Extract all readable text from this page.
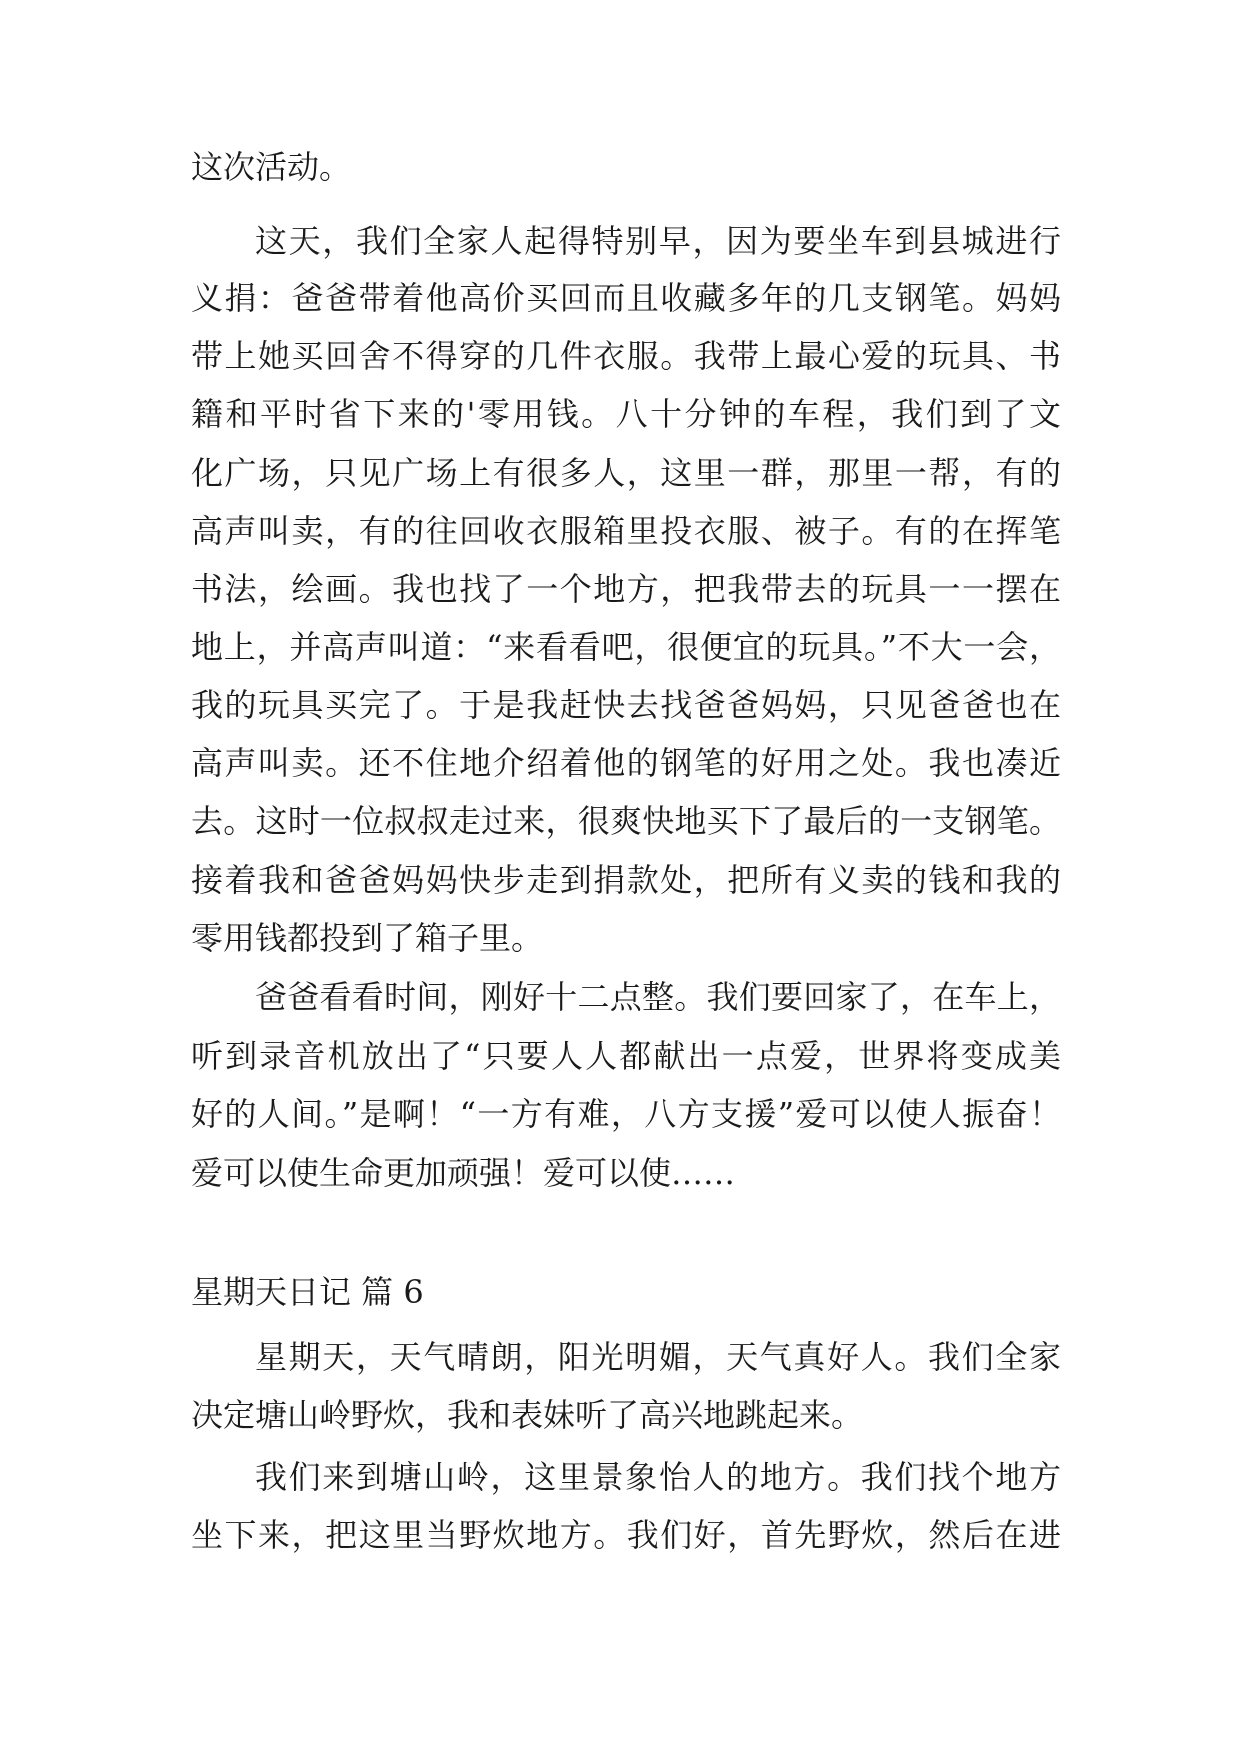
这次活动。
这天，我们全家人起得特别早，因为要坐车到县城进行
义捐：爸爸带着他高价买回而且收藏多年的几支钢笔。妈妈
带上她买回舍不得穿的几件衣服。我带上最心爱的玩具、书
籍和平时省下来的'零用钱。八十分钟的车程，我们到了文
化广场，只见广场上有很多人，这里一群，那里一帮，有的
高声叫卖，有的往回收衣服箱里投衣服、被子。有的在挥笔
书法，绘画。我也找了一个地方，把我带去的玩具一一摆在
地上，并高声叫道：“来看看吧，很便宜的玩具。”不大一会，
我的玩具买完了。于是我赶快去找爸爸妈妈，只见爸爸也在
高声叫卖。还不住地介绍着他的钢笔的好用之处。我也凑近
去。这时一位叔叔走过来，很爽快地买下了最后的一支钢笔。
接着我和爸爸妈妈快步走到捐款处，把所有义卖的钱和我的
零用钱都投到了箱子里。
爸爸看看时间，刚好十二点整。我们要回家了，在车上，
听到录音机放出了“只要人人都献出一点爱，世界将变成美
好的人间。”是啊！“一方有难，八方支援”爱可以使人振奋！
爱可以使生命更加顽强！爱可以使……
星期天日记 篇 6
星期天，天气晴朗，阳光明媚，天气真好人。我们全家
决定塘山岭野炊，我和表妹听了高兴地跳起来。
我们来到塘山岭，这里景象怡人的地方。我们找个地方
坐下来，把这里当野炊地方。我们好，首先野炊，然后在进
